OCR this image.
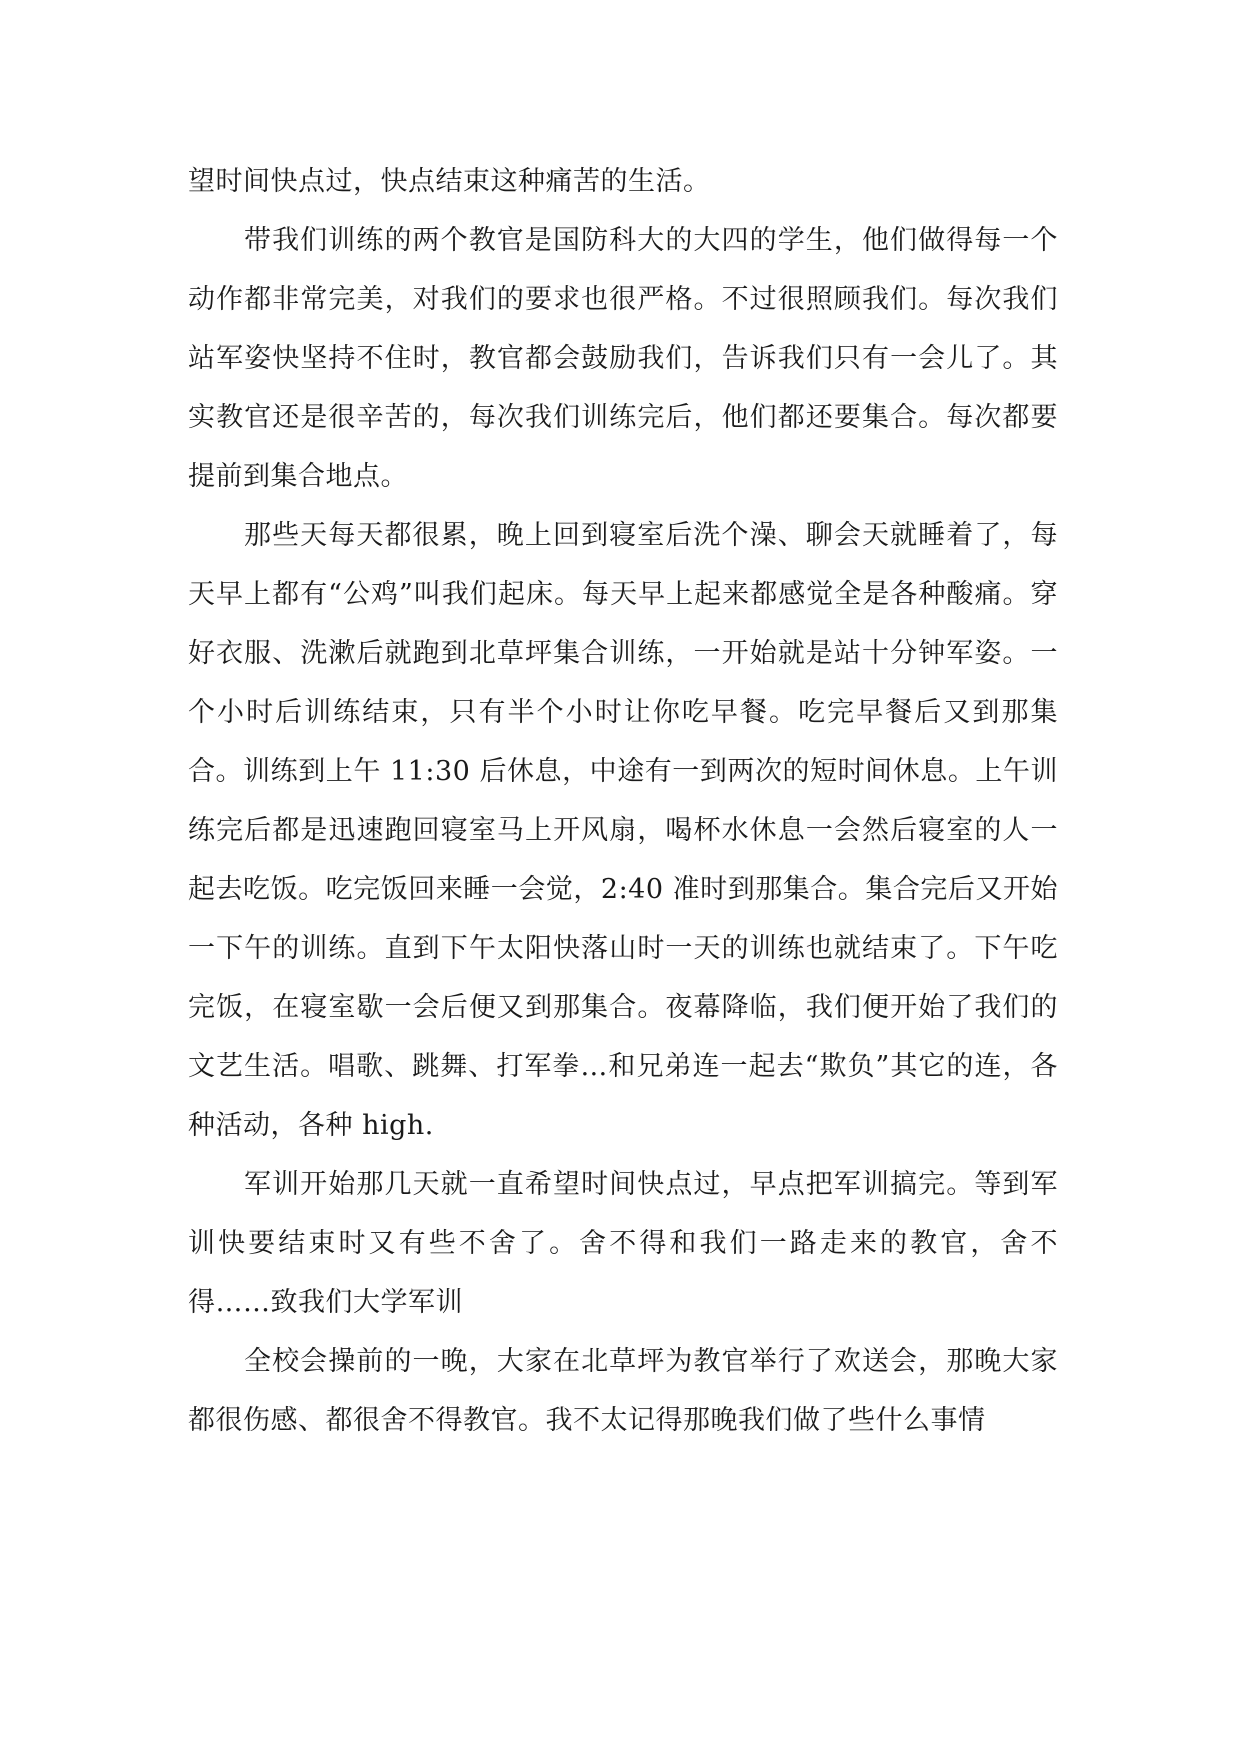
望时间快点过，快点结束这种痛苦的生活。

带我们训练的两个教官是国防科大的大四的学生，他们做得每一个动作都非常完美，对我们的要求也很严格。不过很照顾我们。每次我们站军姿快坚持不住时，教官都会鼓励我们，告诉我们只有一会儿了。其实教官还是很辛苦的，每次我们训练完后，他们都还要集合。每次都要提前到集合地点。

那些天每天都很累，晚上回到寝室后洗个澡、聊会天就睡着了，每天早上都有“公鸡”叫我们起床。每天早上起来都感觉全是各种酸痛。穿好衣服、洗漱后就跑到北草坪集合训练，一开始就是站十分钟军姿。一个小时后训练结束，只有半个小时让你吃早餐。吃完早餐后又到那集合。训练到上午 11:30 后休息，中途有一到两次的短时间休息。上午训练完后都是迅速跑回寝室马上开风扇，喝杯水休息一会然后寝室的人一起去吃饭。吃完饭回来睡一会觉，2:40 准时到那集合。集合完后又开始一下午的训练。直到下午太阳快落山时一天的训练也就结束了。下午吃完饭，在寝室歇一会后便又到那集合。夜幕降临，我们便开始了我们的文艺生活。唱歌、跳舞、打军拳…和兄弟连一起去“欺负”其它的连，各种活动，各种 high.

军训开始那几天就一直希望时间快点过，早点把军训搞完。等到军训快要结束时又有些不舍了。舍不得和我们一路走来的教官，舍不得……致我们大学军训

全校会操前的一晚，大家在北草坪为教官举行了欢送会，那晚大家都很伤感、都很舍不得教官。我不太记得那晚我们做了些什么事情
